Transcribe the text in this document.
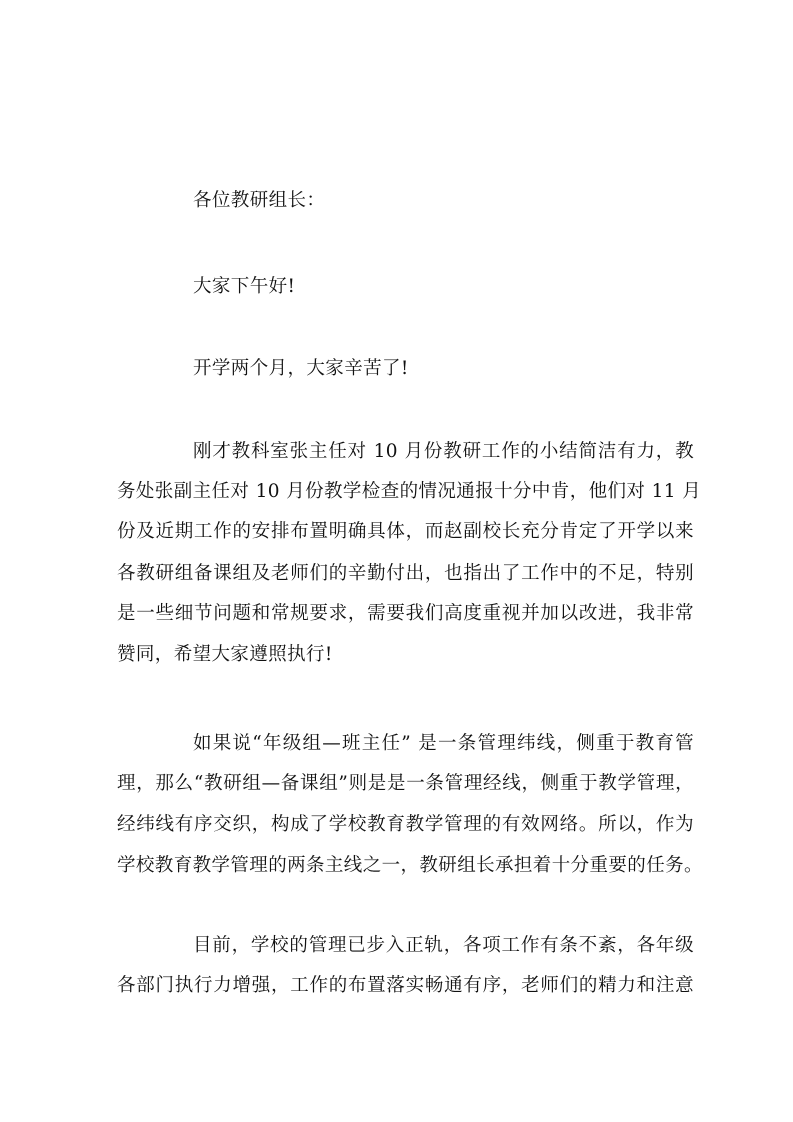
各位教研组长：
大家下午好!
开学两个月，大家辛苦了!
刚才教科室张主任对 10 月份教研工作的小结简洁有力，教
务处张副主任对 10 月份教学检查的情况通报十分中肯，他们对 11 月
份及近期工作的安排布置明确具体，而赵副校长充分肯定了开学以来
各教研组备课组及老师们的辛勤付出，也指出了工作中的不足，特别
是一些细节问题和常规要求，需要我们高度重视并加以改进，我非常
赞同，希望大家遵照执行!
如果说“年级组—班主任” 是一条管理纬线，侧重于教育管
理，那么“教研组—备课组”则是是一条管理经线，侧重于教学管理，
经纬线有序交织，构成了学校教育教学管理的有效网络。所以，作为
学校教育教学管理的两条主线之一，教研组长承担着十分重要的任务。
目前，学校的管理已步入正轨，各项工作有条不紊，各年级
各部门执行力增强，工作的布置落实畅通有序，老师们的精力和注意
